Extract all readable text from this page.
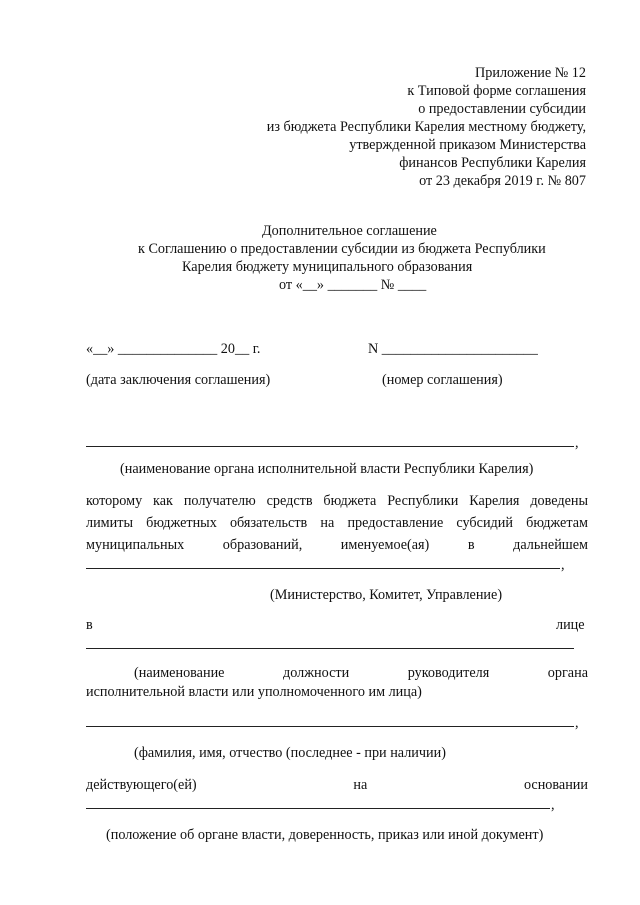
Приложение № 12
к Типовой форме соглашения
о предоставлении субсидии
из бюджета Республики Карелия местному бюджету,
утвержденной приказом Министерства
финансов Республики Карелия
от 23 декабря 2019 г. № 807
Дополнительное соглашение
к Соглашению о предоставлении субсидии из бюджета Республики
Карелия бюджету муниципального образования
от «__» _______ № ____
«__» ______________ 20__ г.	N ______________________
(дата заключения соглашения)	(номер соглашения)
,
(наименование органа исполнительной власти Республики Карелия)
которому как получателю средств бюджета Республики Карелия доведены
лимиты бюджетных обязательств на предоставление субсидий бюджетам
муниципальных образований, именуемое(ая) в дальнейшем
,
(Министерство, Комитет, Управление)
в	лице
(наименование должности руководителя органа
исполнительной власти или уполномоченного им лица)
,
(фамилия, имя, отчество (последнее - при наличии)
действующего(ей) на основании
,
(положение об органе власти, доверенность, приказ или иной документ)
